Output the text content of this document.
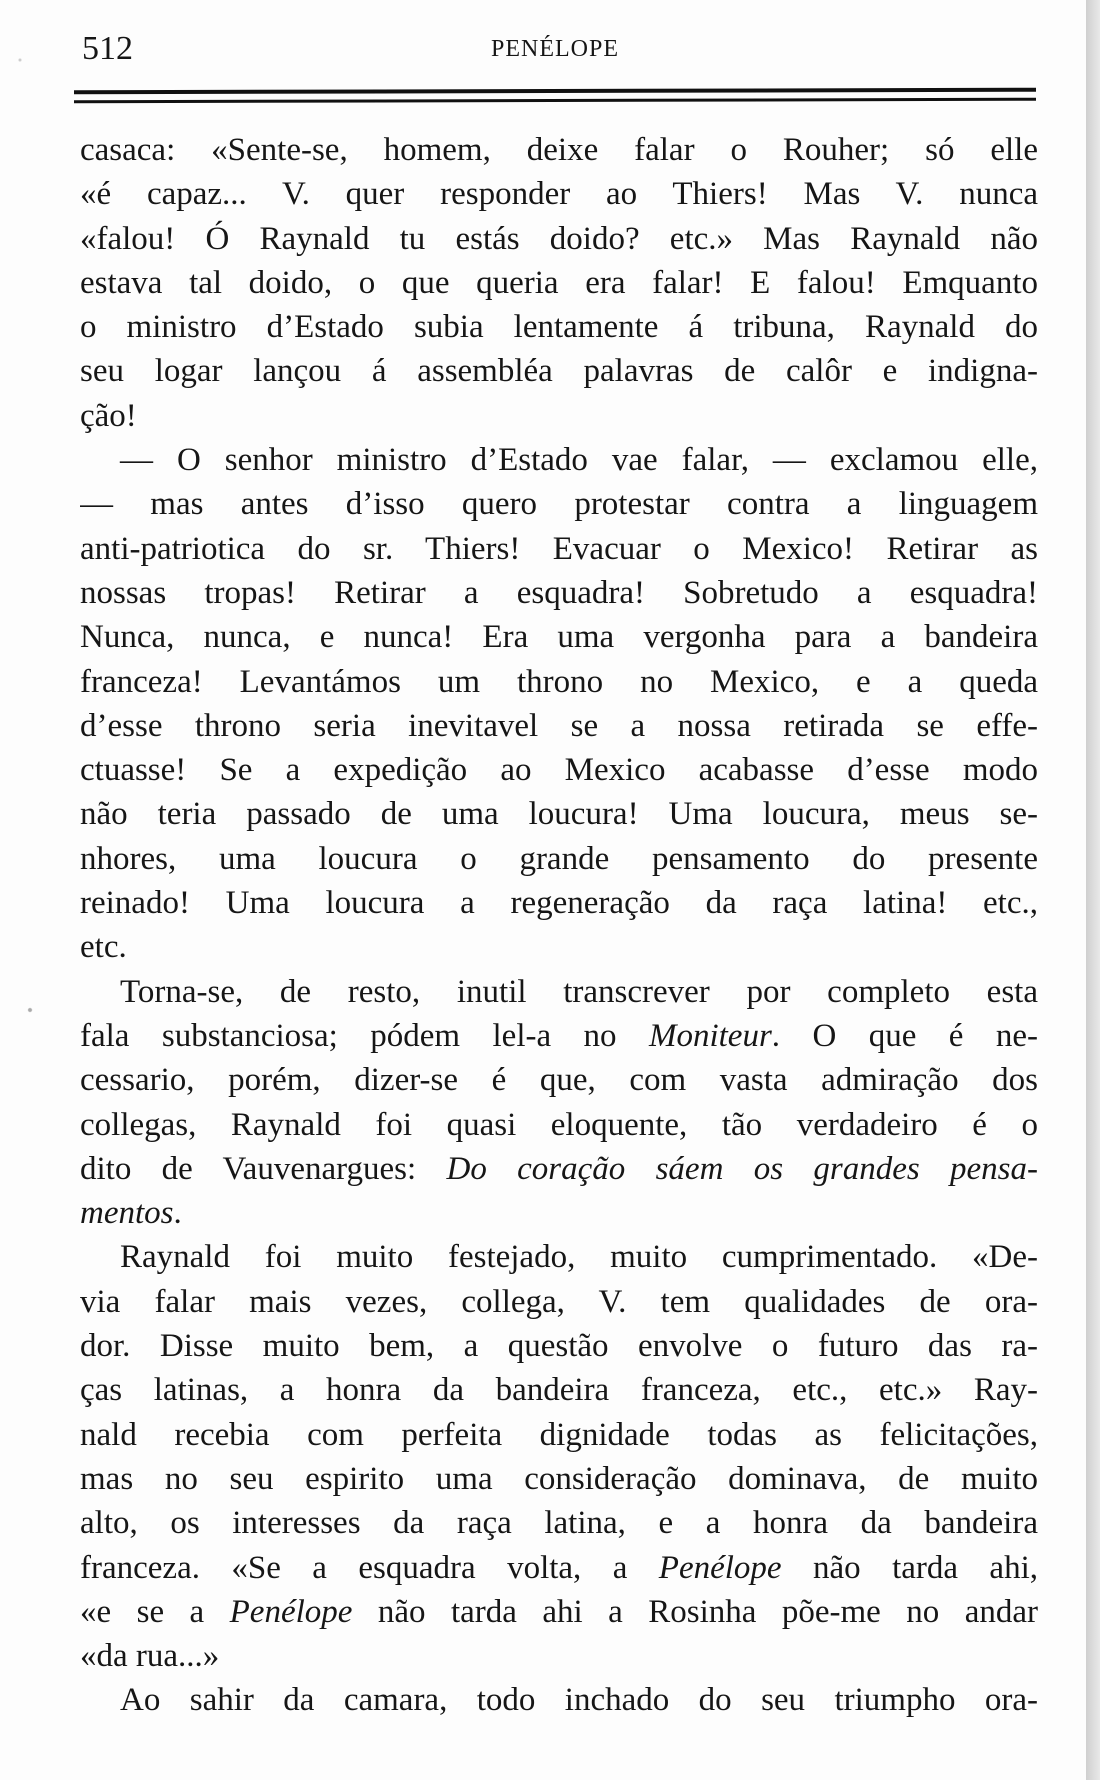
512	PENÉLOPE
casaca: «Sente-se, homem, deixe falar o Rouher; só elle
«é capaz... V. quer responder ao Thiers! Mas V. nunca
«falou! Ó Raynald tu estás doido? etc.» Mas Raynald não
estava tal doido, o que queria era falar! E falou! Emquanto
o ministro d’Estado subia lentamente á tribuna, Raynald do
seu logar lançou á assembléa palavras de calôr e indigna-
ção!
— O senhor ministro d’Estado vae falar, — exclamou elle,
— mas antes d’isso quero protestar contra a linguagem
anti-patriotica do sr. Thiers! Evacuar o Mexico! Retirar as
nossas tropas! Retirar a esquadra! Sobretudo a esquadra!
Nunca, nunca, e nunca! Era uma vergonha para a bandeira
franceza! Levantámos um throno no Mexico, e a queda
d’esse throno seria inevitavel se a nossa retirada se effe-
ctuasse! Se a expedição ao Mexico acabasse d’esse modo
não teria passado de uma loucura! Uma loucura, meus se-
nhores, uma loucura o grande pensamento do presente
reinado! Uma loucura a regeneração da raça latina! etc.,
etc.
Torna-se, de resto, inutil transcrever por completo esta
fala substanciosa; pódem lel-a no Moniteur. O que é ne-
cessario, porém, dizer-se é que, com vasta admiração dos
collegas, Raynald foi quasi eloquente, tão verdadeiro é o
dito de Vauvenargues: Do coração sáem os grandes pensa-
mentos.
Raynald foi muito festejado, muito cumprimentado. «De-
via falar mais vezes, collega, V. tem qualidades de ora-
dor. Disse muito bem, a questão envolve o futuro das ra-
ças latinas, a honra da bandeira franceza, etc., etc.» Ray-
nald recebia com perfeita dignidade todas as felicitações,
mas no seu espirito uma consideração dominava, de muito
alto, os interesses da raça latina, e a honra da bandeira
franceza. «Se a esquadra volta, a Penélope não tarda ahi,
«e se a Penélope não tarda ahi a Rosinha põe-me no andar
«da rua...»
Ao sahir da camara, todo inchado do seu triumpho ora-
